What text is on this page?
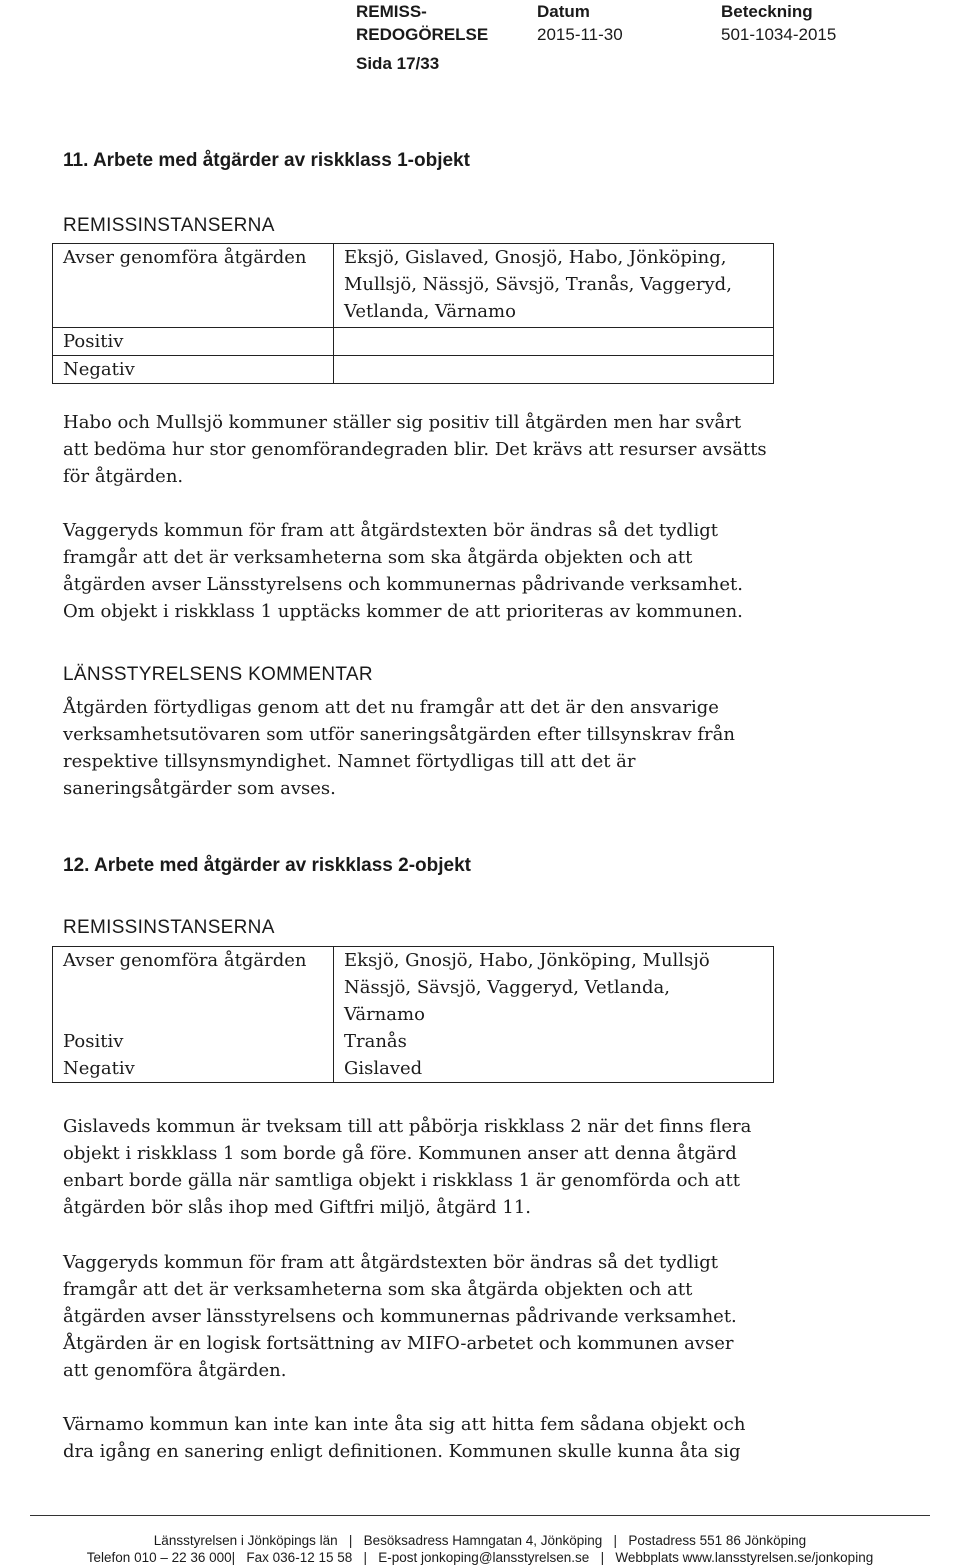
REMISS-
REDOGÖRELSE
Sida 17/33
Datum
2015-11-30
Beteckning
501-1034-2015
11. Arbete med åtgärder av riskklass 1-objekt
REMISSINSTANSERNA
Avser genomföra åtgärden	Eksjö, Gislaved, Gnosjö, Habo, Jönköping,
Mullsjö, Nässjö, Sävsjö, Tranås, Vaggeryd,
Vetlanda, Värnamo

Positiv	
Negativ	

Habo och Mullsjö kommuner ställer sig positiv till åtgärden men har svårt

att bedöma hur stor genomförandegraden blir. Det krävs att resurser avsätts

för åtgärden.

Vaggeryds kommun för fram att åtgärdstexten bör ändras så det tydligt

framgår att det är verksamheterna som ska åtgärda objekten och att

åtgärden avser Länsstyrelsens och kommunernas pådrivande verksamhet.

Om objekt i riskklass 1 upptäcks kommer de att prioriteras av kommunen.

LÄNSSTYRELSENS KOMMENTAR

Åtgärden förtydligas genom att det nu framgår att det är den ansvarige

verksamhetsutövaren som utför saneringsåtgärden efter tillsynskrav från

respektive tillsynsmyndighet. Namnet förtydligas till att det är

saneringsåtgärder som avses.

12. Arbete med åtgärder av riskklass 2-objekt
REMISSINSTANSERNA
Avser genomföra åtgärden	Eksjö, Gnosjö, Habo, Jönköping, Mullsjö
Nässjö, Sävsjö, Vaggeryd, Vetlanda,
Värnamo

Positiv	Tranås
Negativ	Gislaved

Gislaveds kommun är tveksam till att påbörja riskklass 2 när det finns flera

objekt i riskklass 1 som borde gå före. Kommunen anser att denna åtgärd

enbart borde gälla när samtliga objekt i riskklass 1 är genomförda och att

åtgärden bör slås ihop med Giftfri miljö, åtgärd 11.

Vaggeryds kommun för fram att åtgärdstexten bör ändras så det tydligt

framgår att det är verksamheterna som ska åtgärda objekten och att

åtgärden avser länsstyrelsens och kommunernas pådrivande verksamhet.

Åtgärden är en logisk fortsättning av MIFO-arbetet och kommunen avser

att genomföra åtgärden.

Värnamo kommun kan inte kan inte åta sig att hitta fem sådana objekt och

dra igång en sanering enligt definitionen. Kommunen skulle kunna åta sig

Länsstyrelsen i Jönköpings län   |   Besöksadress Hamngatan 4, Jönköping   |   Postadress 551 86 Jönköping
Telefon 010 – 22 36 000|   Fax 036-12 15 58   |   E-post jonkoping@lansstyrelsen.se   |   Webbplats www.lansstyrelsen.se/jonkoping
